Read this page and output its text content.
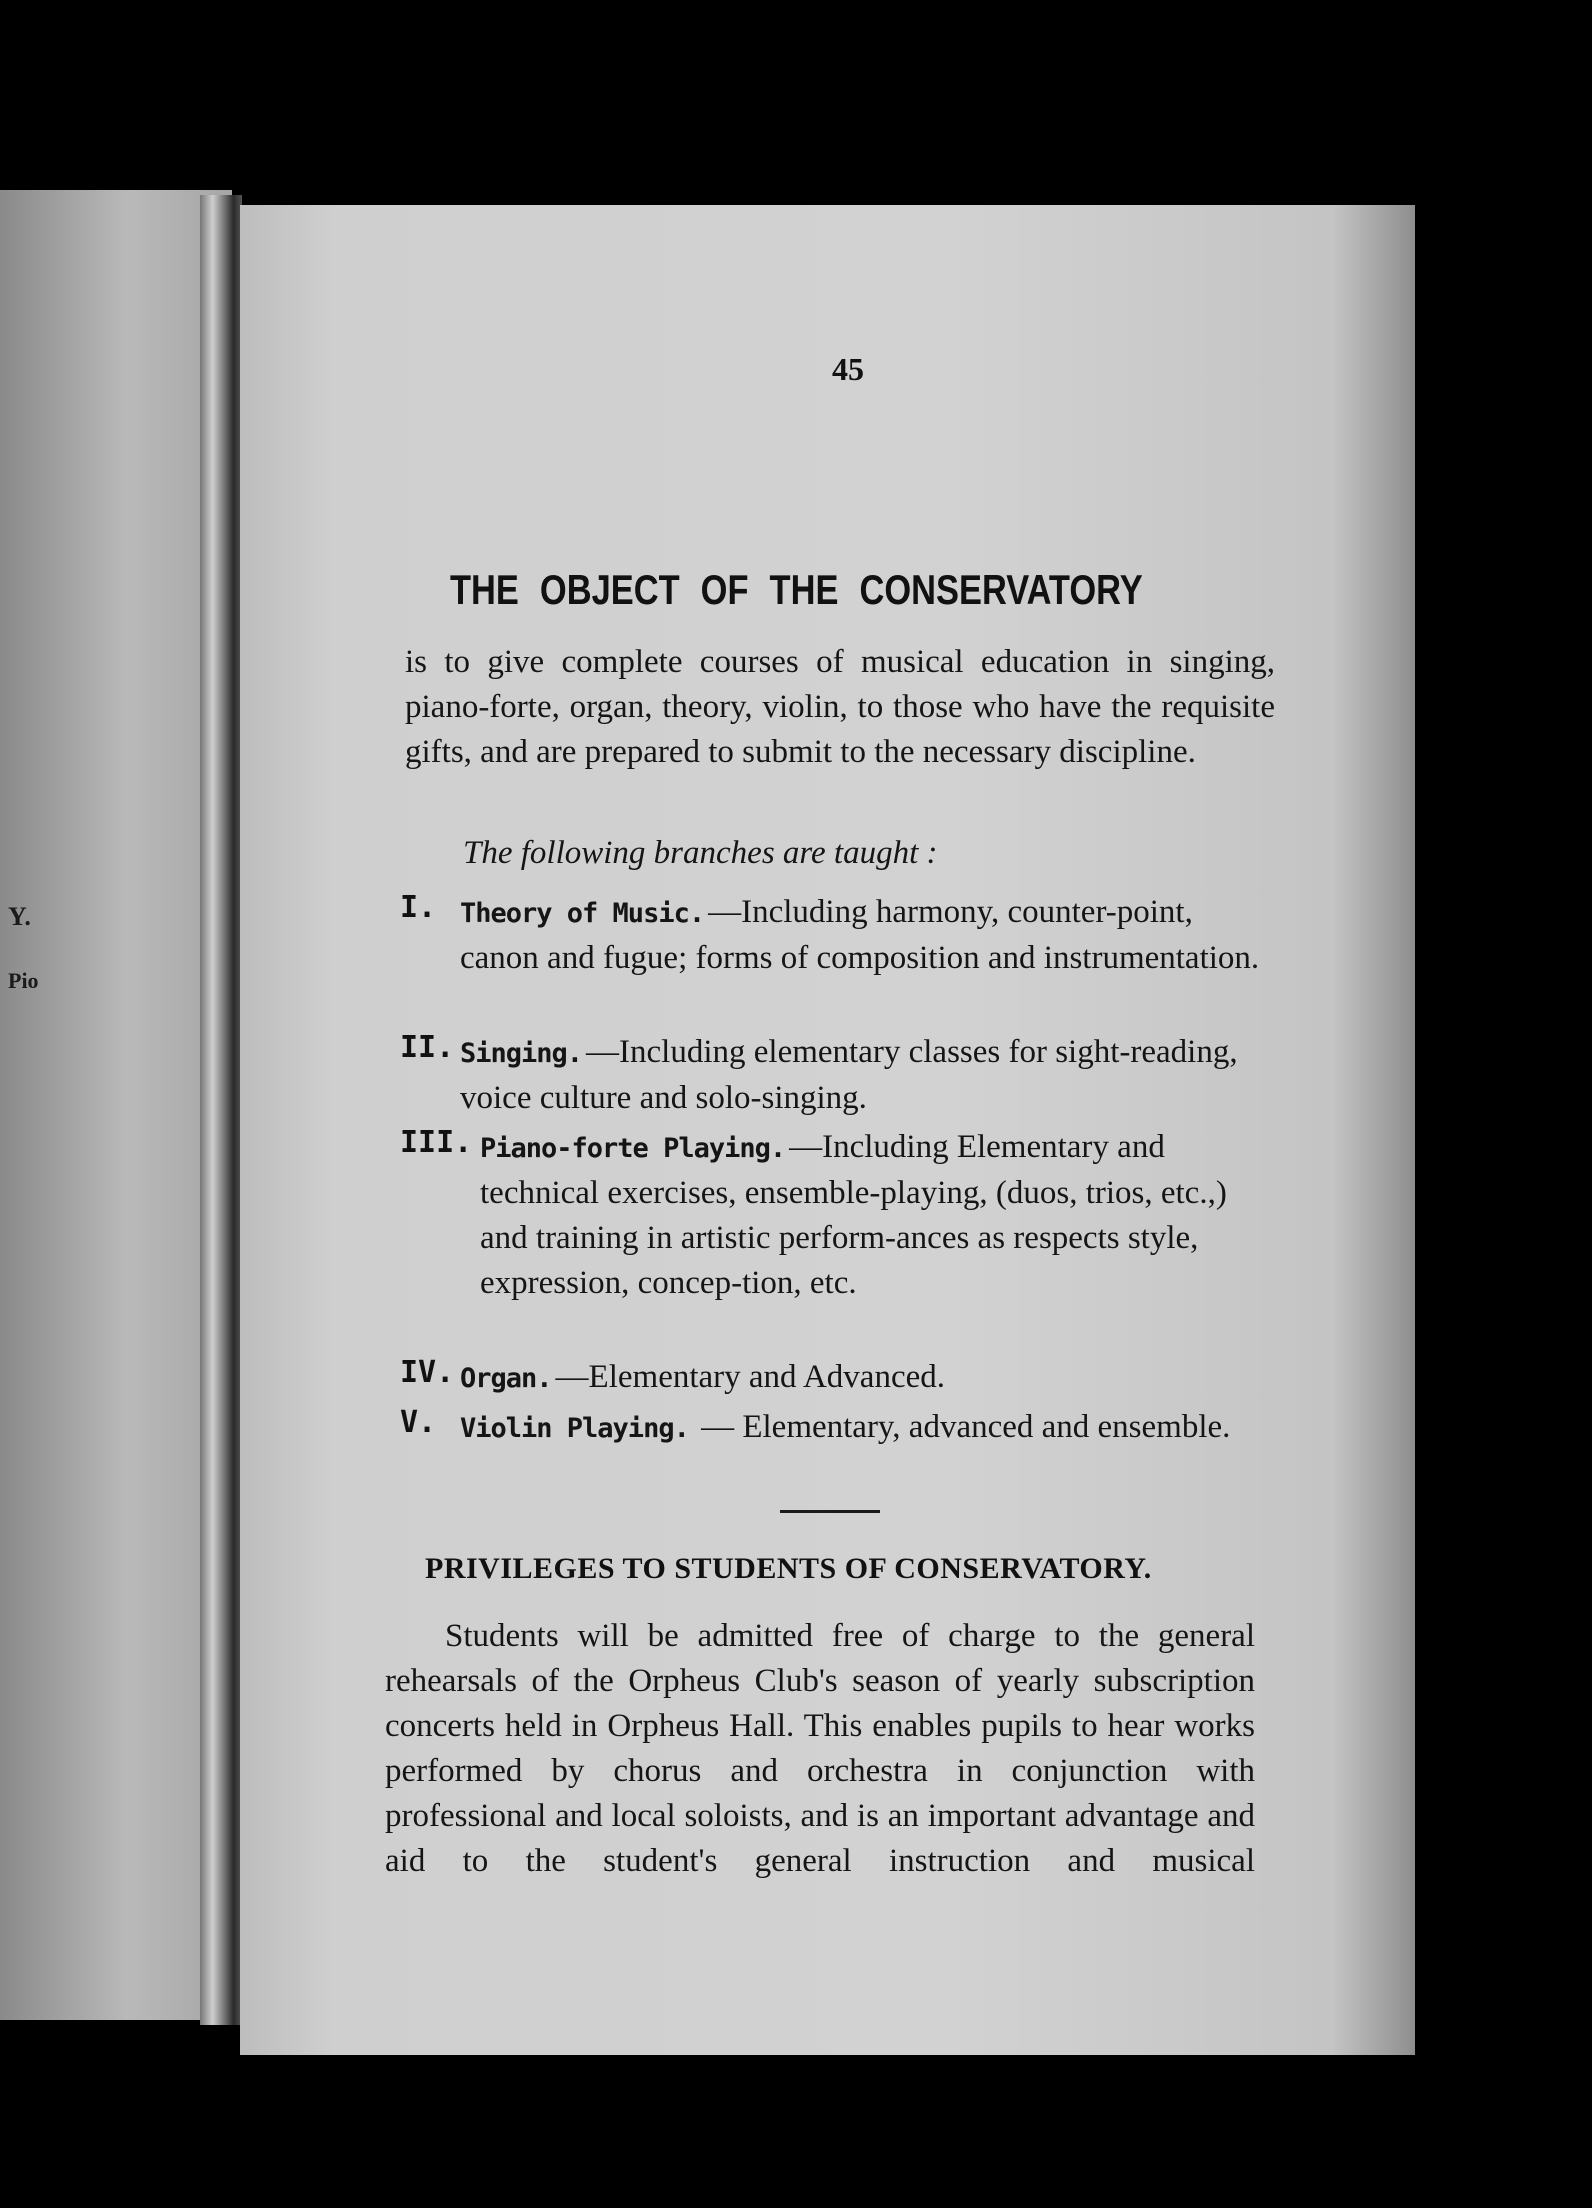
Y.
Pio
45
THE OBJECT OF THE CONSERVATORY
is to give complete courses of musical education in singing, piano-forte, organ, theory, violin, to those who have the requisite gifts, and are prepared to submit to the necessary discipline.
The following branches are taught :
I. Theory of Music. —Including harmony, counter-point, canon and fugue; forms of composition and instrumentation.
II. Singing. —Including elementary classes for sight-reading, voice culture and solo-singing.
III. Piano-forte Playing. —Including Elementary and technical exercises, ensemble-playing, (duos, trios, etc.,) and training in artistic perform-ances as respects style, expression, concep-tion, etc.
IV. Organ. —Elementary and Advanced.
V. Violin Playing. — Elementary, advanced and ensemble.
PRIVILEGES TO STUDENTS OF CONSERVATORY.
Students will be admitted free of charge to the general rehearsals of the Orpheus Club's season of yearly subscription concerts held in Orpheus Hall. This enables pupils to hear works performed by chorus and orchestra in conjunction with professional and local soloists, and is an important advantage and aid to the student's general instruction and musical
